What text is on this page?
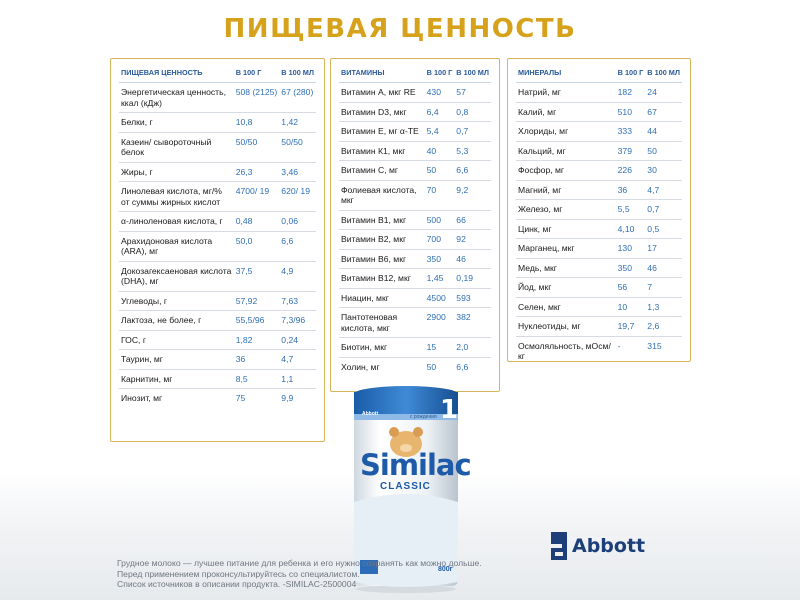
ПИЩЕВАЯ ЦЕННОСТЬ
ПИЩЕВАЯ ЦЕННОСТЬ	В 100 Г	В 100 МЛ
Энергетическая ценность, ккал (кДж)	508 (2125)	67 (280)
Белки, г	10,8	1,42
Казеин/ сывороточный белок	50/50	50/50
Жиры, г	26,3	3,46
Линолевая кислота, мг/% от суммы жирных кислот	4700/ 19	620/ 19
α-линоленовая кислота, г	0,48	0,06
Арахидоновая кислота (ARA), мг	50,0	6,6
Докозагексаеновая кислота (DHA), мг	37,5	4,9
Углеводы, г	57,92	7,63
Лактоза, не более, г	55,5/96	7,3/96
ГОС, г	1,82	0,24
Таурин, мг	36	4,7
Карнитин, мг	8,5	1,1
Инозит, мг	75	9,9
ВИТАМИНЫ	В 100 Г	В 100 МЛ
Витамин А, мкг RE	430	57
Витамин D3, мкг	6,4	0,8
Витамин Е, мг α-ТЕ	5,4	0,7
Витамин К1, мкг	40	5,3
Витамин С, мг	50	6,6
Фолиевая кислота, мкг	70	9,2
Витамин В1, мкг	500	66
Витамин В2, мкг	700	92
Витамин В6, мкг	350	46
Витамин В12, мкг	1,45	0,19
Ниацин, мкг	4500	593
Пантотеновая кислота, мкг	2900	382
Биотин, мкг	15	2,0
Холин, мг	50	6,6
МИНЕРАЛЫ	В 100 Г	В 100 МЛ
Натрий, мг	182	24
Калий, мг	510	67
Хлориды, мг	333	44
Кальций, мг	379	50
Фосфор, мг	226	30
Магний, мг	36	4,7
Железо, мг	5,5	0,7
Цинк, мг	4,10	0,5
Марганец, мкг	130	17
Медь, мкг	350	46
Йод, мкг	56	7
Селен, мкг	10	1,3
Нуклеотиды, мг	19,7	2,6
Осмоляльность, мОсм/кг	-	315
с рождения 1
Abbott
Similac
CLASSIC
800г
Abbott
Грудное молоко — лучшее питание для ребенка и его нужно сохранять как можно дольше.
Перед применением проконсультируйтесь со специалистом.
Список источников в описании продукта. -SIMILAC-2500004
